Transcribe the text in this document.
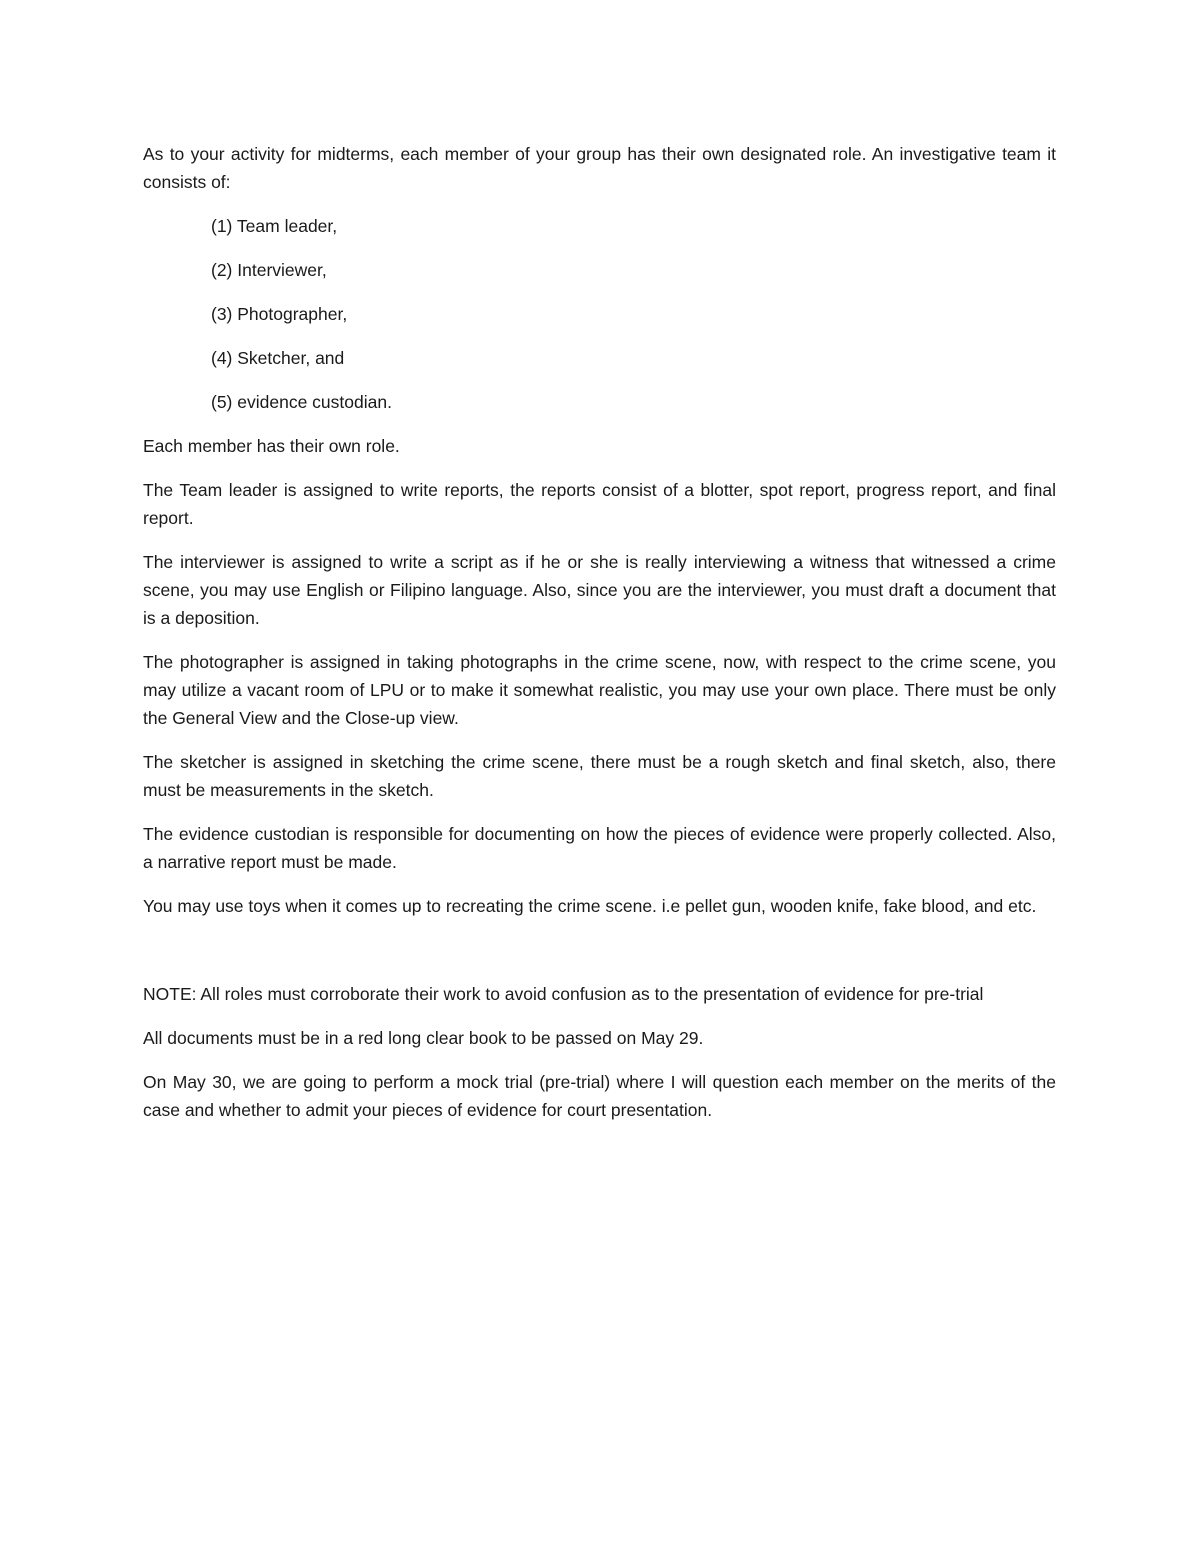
As to your activity for midterms, each member of your group has their own designated role. An investigative team it consists of:

(1) Team leader,
(2) Interviewer,
(3) Photographer,
(4) Sketcher, and
(5) evidence custodian.

Each member has their own role.

The Team leader is assigned to write reports, the reports consist of a blotter, spot report, progress report, and final report.

The interviewer is assigned to write a script as if he or she is really interviewing a witness that witnessed a crime scene, you may use English or Filipino language. Also, since you are the interviewer, you must draft a document that is a deposition.

The photographer is assigned in taking photographs in the crime scene, now, with respect to the crime scene, you may utilize a vacant room of LPU or to make it somewhat realistic, you may use your own place. There must be only the General View and the Close-up view.

The sketcher is assigned in sketching the crime scene, there must be a rough sketch and final sketch, also, there must be measurements in the sketch.

The evidence custodian is responsible for documenting on how the pieces of evidence were properly collected. Also, a narrative report must be made.

You may use toys when it comes up to recreating the crime scene. i.e pellet gun, wooden knife, fake blood, and etc.

NOTE: All roles must corroborate their work to avoid confusion as to the presentation of evidence for pre-trial

All documents must be in a red long clear book to be passed on May 29.

On May 30, we are going to perform a mock trial (pre-trial) where I will question each member on the merits of the case and whether to admit your pieces of evidence for court presentation.
